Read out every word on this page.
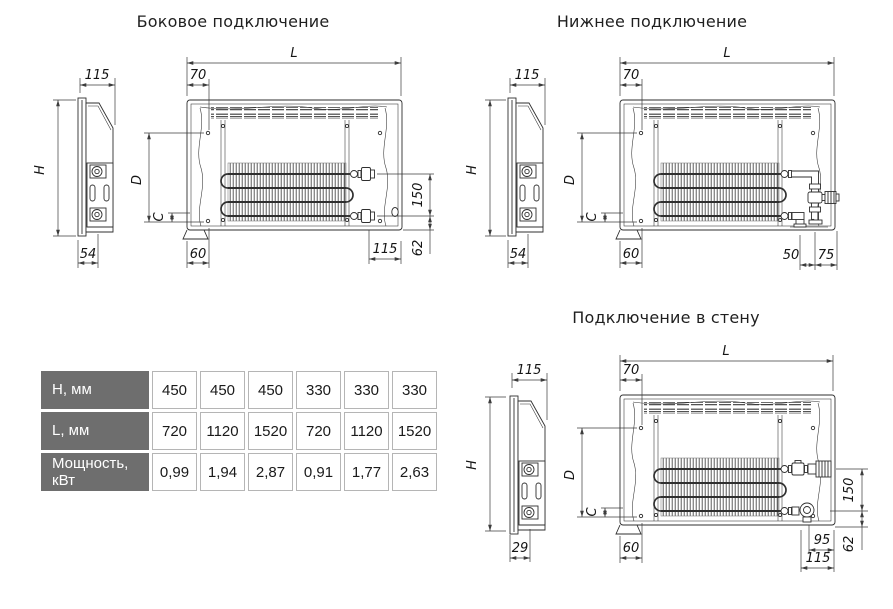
Боковое подключение	Нижнее подключение
Подключение в стену
L
70
115
H
54
D
C
150
62
60	115
L
70
115
H
54
D
C
60	50 75
L
70
115
H
29
D
C
60
150
62
95
115
Н, мм	450	450	450	330	330	330
L, мм	720	1120	1520	720	1120	1520
Мощность, кВт	0,99	1,94	2,87	0,91	1,77	2,63
